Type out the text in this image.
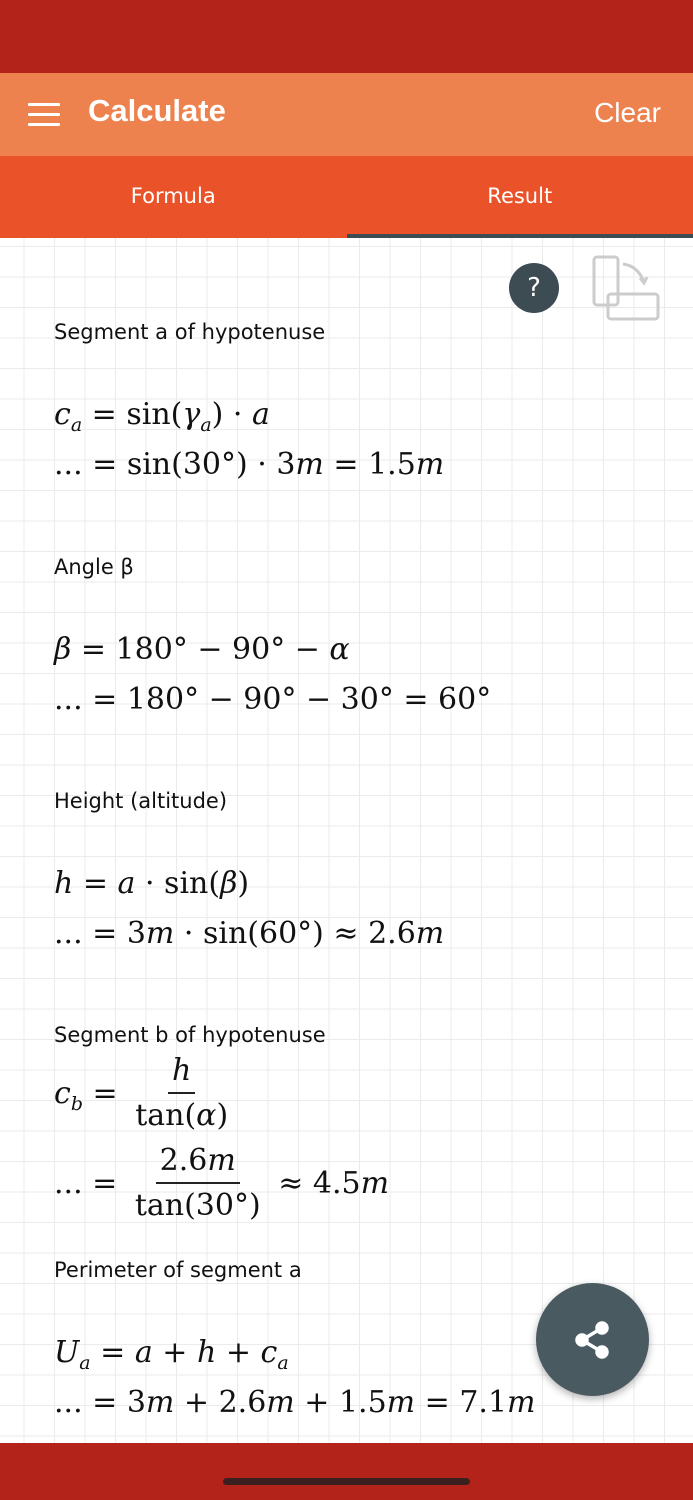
Calculate	Clear
Formula	Result
?
Segment a of hypotenuse
c a = sin( γ a ) · a
... = sin(30°) · 3 m = 1.5 m
Angle β
β = 180° − 90° − α
... = 180° − 90° − 30° = 60°
Height (altitude)
h = a · sin( β )
... = 3 m · sin(60°) ≈ 2.6 m
Segment b of hypotenuse
c $b = \frac{h}{\tan(\alpha)}$
... = $\frac{2.6m}{\tan(30^\circ)} \approx 4.5$ m
Perimeter of segment a
U a = a + h + c a
... = 3 m + 2.6 m + 1.5 m = 7.1 m
